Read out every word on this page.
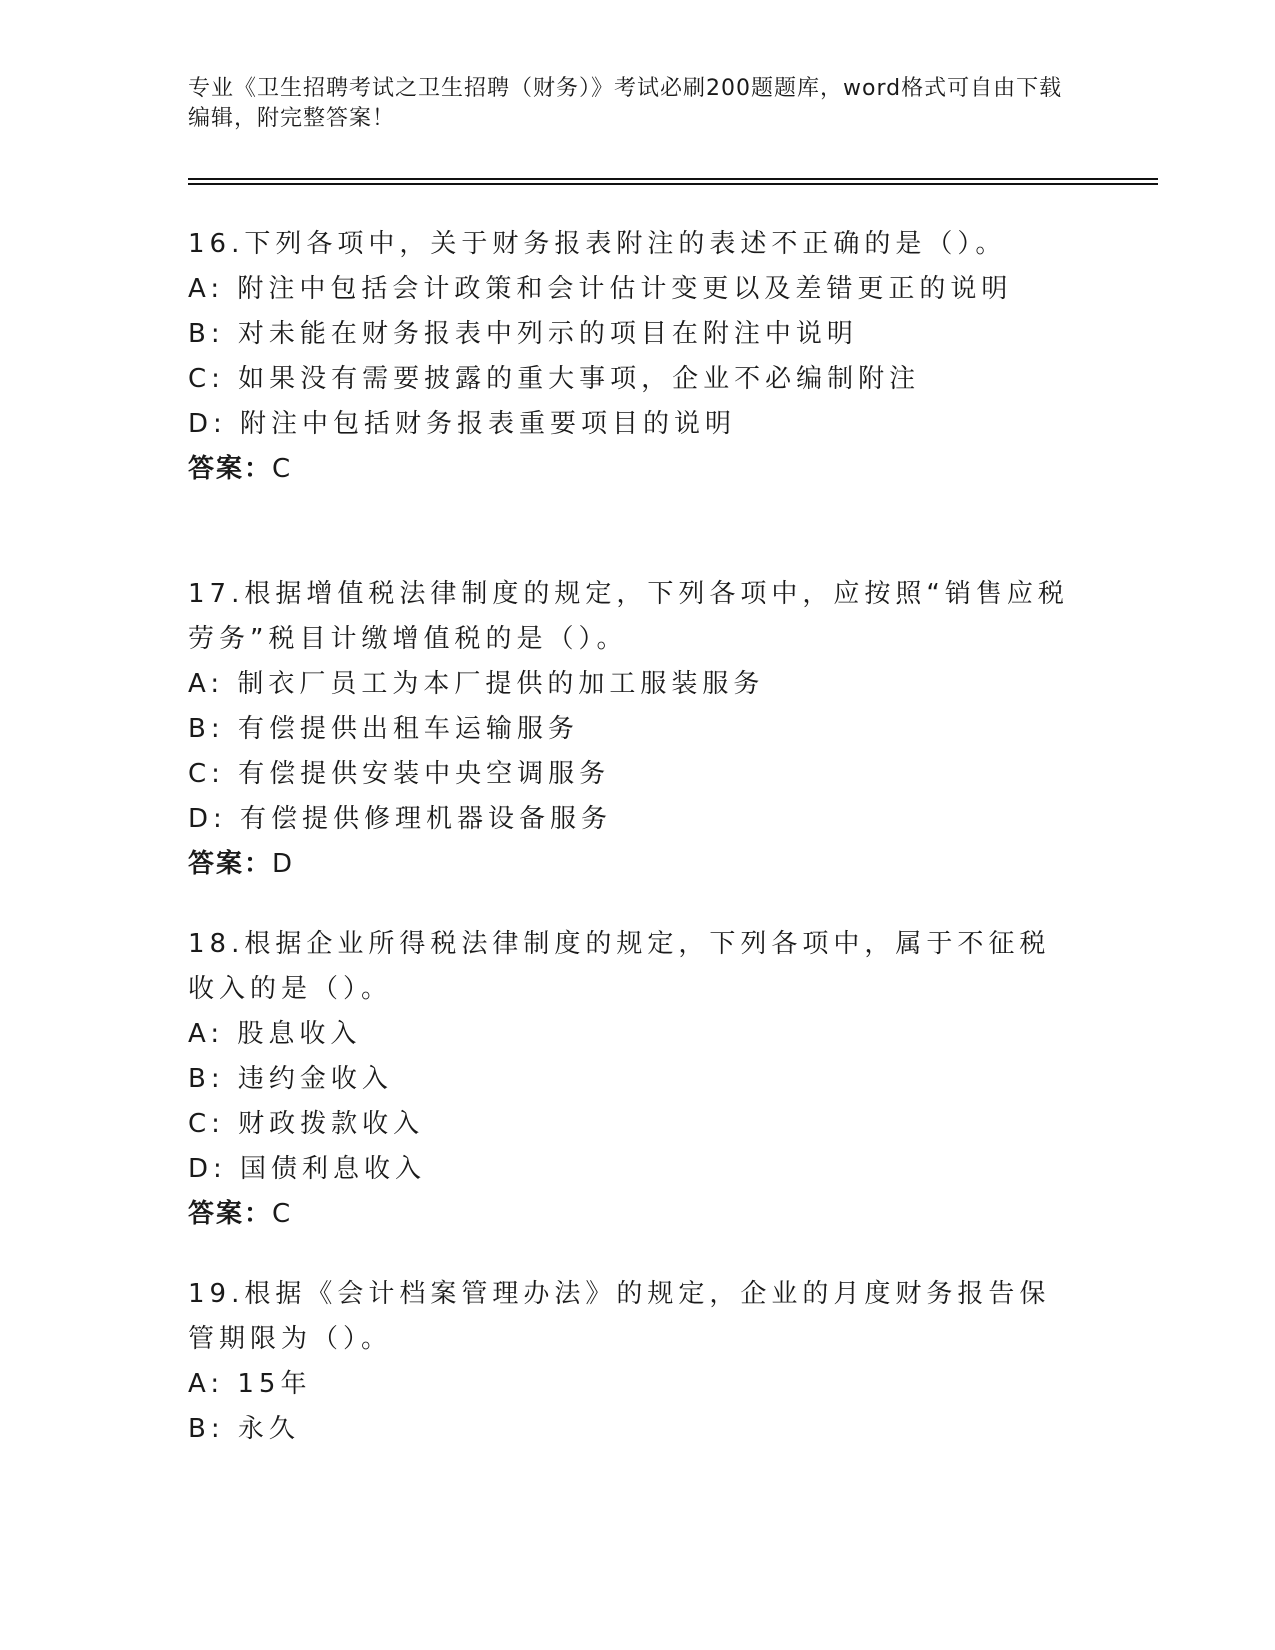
专业《卫生招聘考试之卫生招聘（财务）》考试必刷200题题库，word格式可自由下载编辑，附完整答案！
16.下列各项中，关于财务报表附注的表述不正确的是（）。
A: 附注中包括会计政策和会计估计变更以及差错更正的说明
B: 对未能在财务报表中列示的项目在附注中说明
C: 如果没有需要披露的重大事项，企业不必编制附注
D: 附注中包括财务报表重要项目的说明
答案：C
17.根据增值税法律制度的规定，下列各项中，应按照“销售应税劳务”税目计缴增值税的是（）。
A: 制衣厂员工为本厂提供的加工服装服务
B: 有偿提供出租车运输服务
C: 有偿提供安装中央空调服务
D: 有偿提供修理机器设备服务
答案：D
18.根据企业所得税法律制度的规定，下列各项中，属于不征税收入的是（）。
A: 股息收入
B: 违约金收入
C: 财政拨款收入
D: 国债利息收入
答案：C
19.根据《会计档案管理办法》的规定，企业的月度财务报告保管期限为（）。
A: 15年
B: 永久
